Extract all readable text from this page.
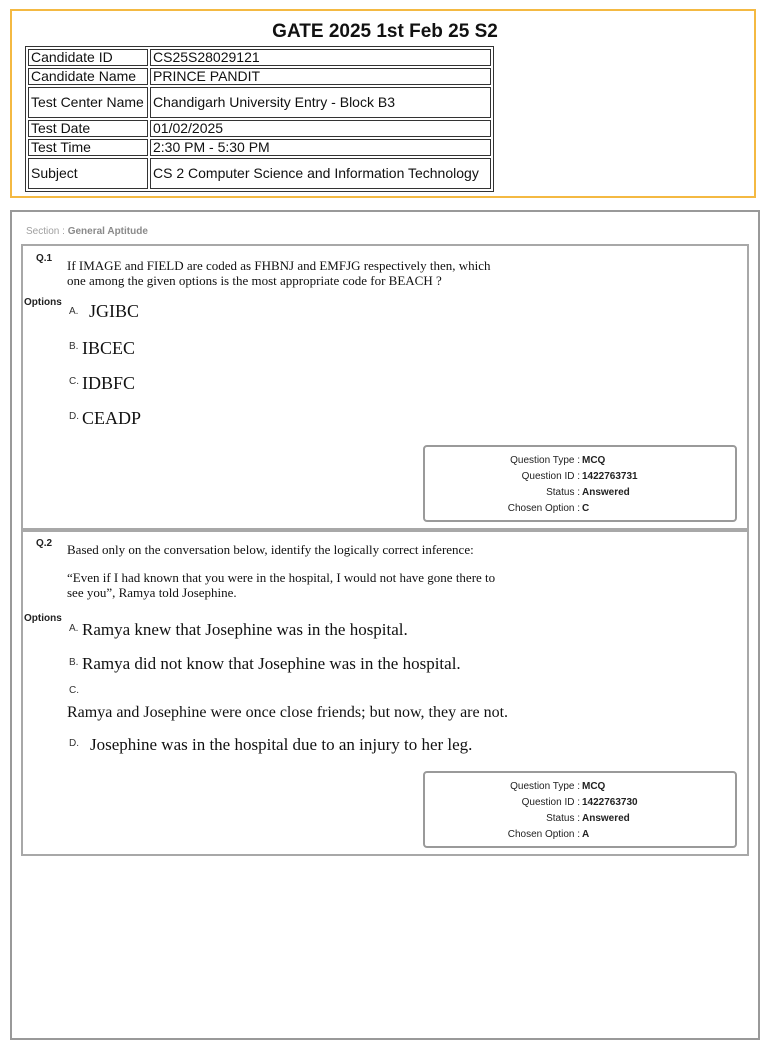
GATE 2025 1st Feb 25 S2
Candidate ID	CS25S28029121
Candidate Name	PRINCE PANDIT
Test Center Name	Chandigarh University Entry - Block B3
Test Date	01/02/2025
Test Time	2:30 PM - 5:30 PM
Subject	CS 2 Computer Science and Information Technology
Section : General Aptitude
Q.1 If IMAGE and FIELD are coded as FHBNJ and EMFJG respectively then, which
one among the given options is the most appropriate code for BEACH ?
Options
A. JGIBC
B. IBCEC
C. IDBFC
D. CEADP
Question Type : MCQ
Question ID : 1422763731
Status : Answered
Chosen Option : C
Q.2 Based only on the conversation below, identify the logically correct inference:
“Even if I had known that you were in the hospital, I would not have gone there to
see you”, Ramya told Josephine.
Options
A. Ramya knew that Josephine was in the hospital.
B. Ramya did not know that Josephine was in the hospital.
C.
Ramya and Josephine were once close friends; but now, they are not.
D. Josephine was in the hospital due to an injury to her leg.
Question Type : MCQ
Question ID : 1422763730
Status : Answered
Chosen Option : A
